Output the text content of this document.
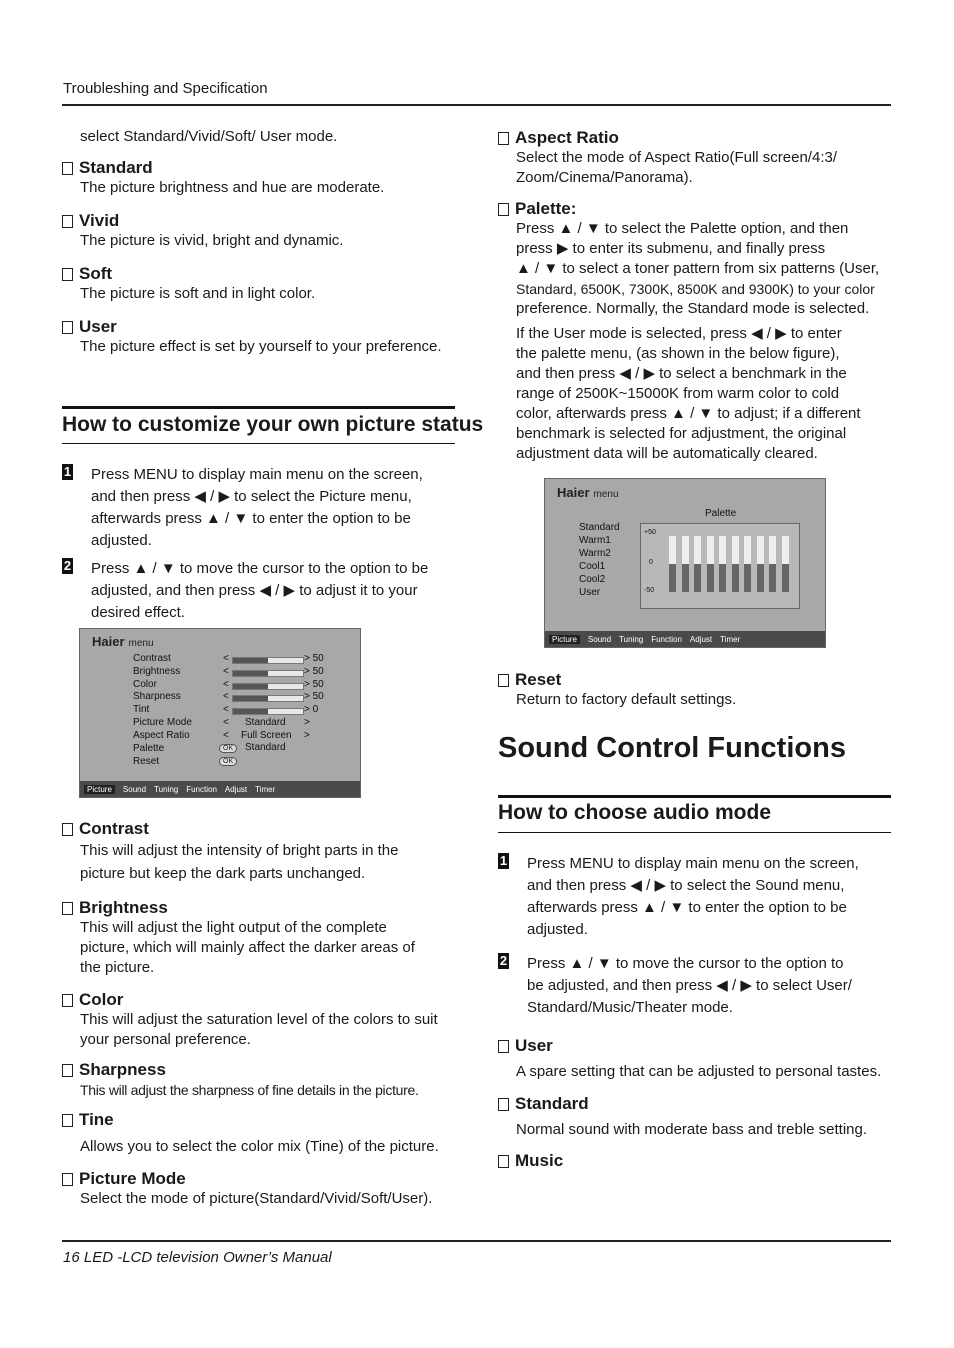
Troubleshing and Specification
select Standard/Vivid/Soft/ User mode.
Standard
The picture brightness and hue are moderate.
Vivid
The picture is vivid, bright and dynamic.
Soft
The picture is soft and in light color.
User
The picture effect is set by yourself to your preference.
How to customize your own picture status
1 Press MENU to display main menu on the screen,
and then press ◀ / ▶ to select the Picture menu,
afterwards press ▲ / ▼ to enter the option to be
adjusted.
2 Press ▲ / ▼ to move the cursor to the option to be
adjusted, and then press ◀ / ▶ to adjust it to your
desired effect.
Haier menu
Contrast	<	> 50
Brightness	<	> 50
Color	<	> 50
Sharpness	<	> 50
Tint	<	> 0
Picture Mode	< Standard >
Aspect Ratio	< Full Screen >
Palette	OK	Standard
Reset	OK
Picture	Sound Tuning Function Adjust Timer
Contrast
This will adjust the intensity of bright parts in the
picture but keep the dark parts unchanged.
Brightness
This will adjust the light output of the complete
picture, which will mainly affect the darker areas of
the picture.
Color
This will adjust the saturation level of the colors to suit
your personal preference.
Sharpness
This will adjust the sharpness of fine details in the picture.
Tine
Allows you to select the color mix (Tine) of the picture.
Picture Mode
Select the mode of picture(Standard/Vivid/Soft/User).
Aspect Ratio
Select the mode of Aspect Ratio(Full screen/4:3/
Zoom/Cinema/Panorama).
Palette:
Press ▲ / ▼ to select the Palette option, and then
press ▶ to enter its submenu, and finally press
▲ / ▼ to select a toner pattern from six patterns (User,
Standard, 6500K, 7300K, 8500K and 9300K) to your color
preference. Normally, the Standard mode is selected.
If the User mode is selected, press ◀ / ▶ to enter
the palette menu, (as shown in the below figure),
and then press ◀ / ▶ to select a benchmark in the
range of 2500K~15000K from warm color to cold
color, afterwards press ▲ / ▼ to adjust; if a different
benchmark is selected for adjustment, the original
adjustment data will be automatically cleared.
Haier menu
Palette
Standard
Warm1
Warm2
Cool1
Cool2
User
+50
0
-50
Picture	Sound Tuning Function Adjust Timer
Reset
Return to factory default settings.
Sound Control Functions
How to choose audio mode
1 Press MENU to display main menu on the screen,
and then press ◀ / ▶ to select the Sound menu,
afterwards press ▲ / ▼ to enter the option to be
adjusted.
2 Press ▲ / ▼ to move the cursor to the option to
be adjusted, and then press ◀ / ▶ to select User/
Standard/Music/Theater mode.
User
A spare setting that can be adjusted to personal tastes.
Standard
Normal sound with moderate bass and treble setting.
Music
16 LED -LCD television Owner’s Manual
